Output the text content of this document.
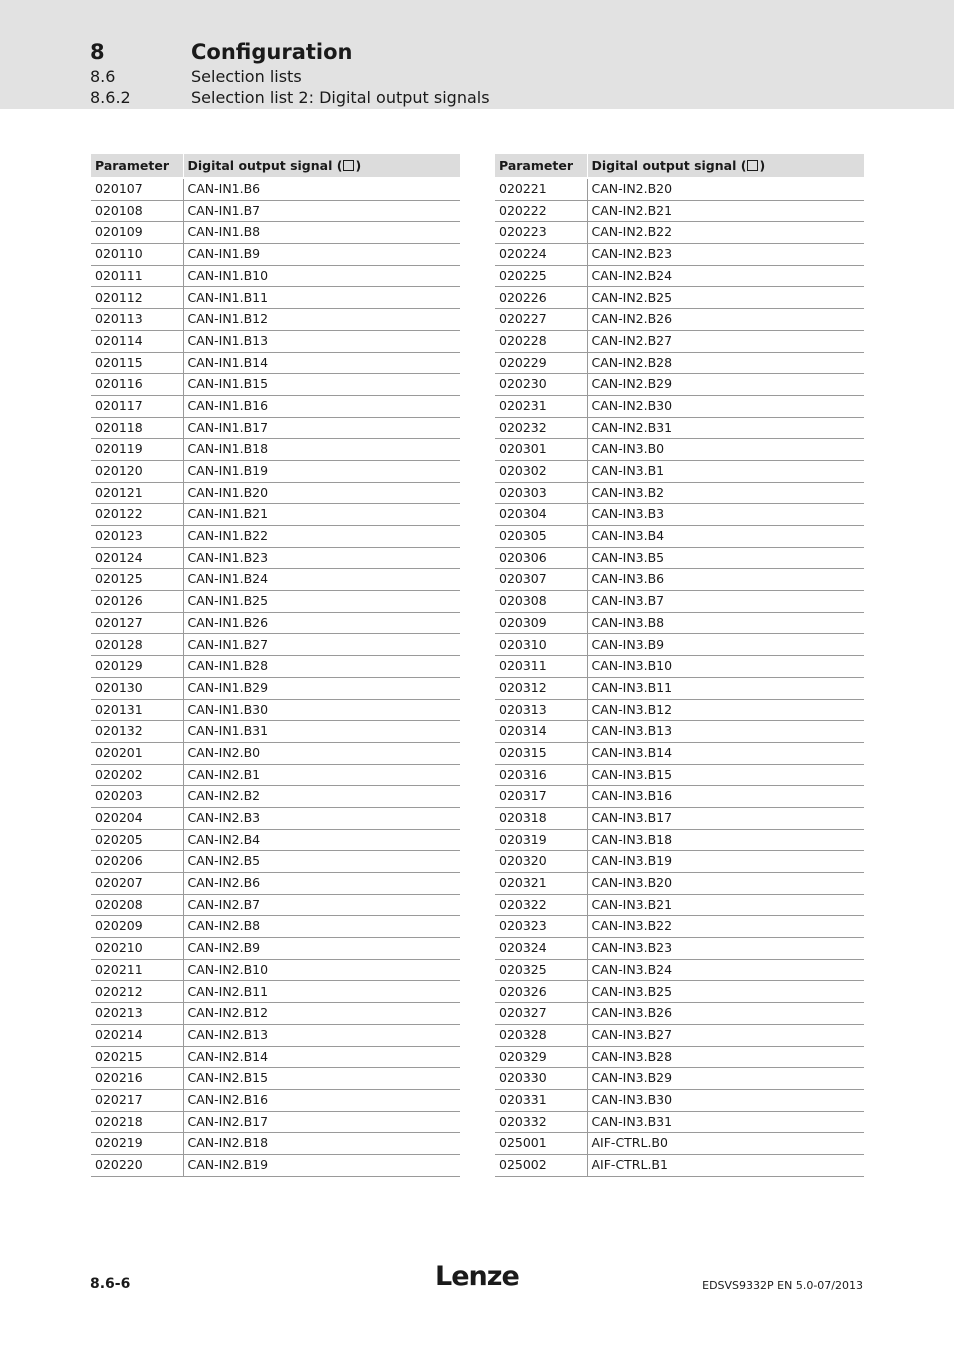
8	Configuration
8.6	Selection lists
8.6.2	Selection list 2: Digital output signals
Parameter	Digital output signal ( )
020107	CAN-IN1.B6
020108	CAN-IN1.B7
020109	CAN-IN1.B8
020110	CAN-IN1.B9
020111	CAN-IN1.B10
020112	CAN-IN1.B11
020113	CAN-IN1.B12
020114	CAN-IN1.B13
020115	CAN-IN1.B14
020116	CAN-IN1.B15
020117	CAN-IN1.B16
020118	CAN-IN1.B17
020119	CAN-IN1.B18
020120	CAN-IN1.B19
020121	CAN-IN1.B20
020122	CAN-IN1.B21
020123	CAN-IN1.B22
020124	CAN-IN1.B23
020125	CAN-IN1.B24
020126	CAN-IN1.B25
020127	CAN-IN1.B26
020128	CAN-IN1.B27
020129	CAN-IN1.B28
020130	CAN-IN1.B29
020131	CAN-IN1.B30
020132	CAN-IN1.B31
020201	CAN-IN2.B0
020202	CAN-IN2.B1
020203	CAN-IN2.B2
020204	CAN-IN2.B3
020205	CAN-IN2.B4
020206	CAN-IN2.B5
020207	CAN-IN2.B6
020208	CAN-IN2.B7
020209	CAN-IN2.B8
020210	CAN-IN2.B9
020211	CAN-IN2.B10
020212	CAN-IN2.B11
020213	CAN-IN2.B12
020214	CAN-IN2.B13
020215	CAN-IN2.B14
020216	CAN-IN2.B15
020217	CAN-IN2.B16
020218	CAN-IN2.B17
020219	CAN-IN2.B18
020220	CAN-IN2.B19
Parameter	Digital output signal ( )
020221	CAN-IN2.B20
020222	CAN-IN2.B21
020223	CAN-IN2.B22
020224	CAN-IN2.B23
020225	CAN-IN2.B24
020226	CAN-IN2.B25
020227	CAN-IN2.B26
020228	CAN-IN2.B27
020229	CAN-IN2.B28
020230	CAN-IN2.B29
020231	CAN-IN2.B30
020232	CAN-IN2.B31
020301	CAN-IN3.B0
020302	CAN-IN3.B1
020303	CAN-IN3.B2
020304	CAN-IN3.B3
020305	CAN-IN3.B4
020306	CAN-IN3.B5
020307	CAN-IN3.B6
020308	CAN-IN3.B7
020309	CAN-IN3.B8
020310	CAN-IN3.B9
020311	CAN-IN3.B10
020312	CAN-IN3.B11
020313	CAN-IN3.B12
020314	CAN-IN3.B13
020315	CAN-IN3.B14
020316	CAN-IN3.B15
020317	CAN-IN3.B16
020318	CAN-IN3.B17
020319	CAN-IN3.B18
020320	CAN-IN3.B19
020321	CAN-IN3.B20
020322	CAN-IN3.B21
020323	CAN-IN3.B22
020324	CAN-IN3.B23
020325	CAN-IN3.B24
020326	CAN-IN3.B25
020327	CAN-IN3.B26
020328	CAN-IN3.B27
020329	CAN-IN3.B28
020330	CAN-IN3.B29
020331	CAN-IN3.B30
020332	CAN-IN3.B31
025001	AIF-CTRL.B0
025002	AIF-CTRL.B1
8.6-6	Lenze	EDSVS9332P EN 5.0-07/2013
